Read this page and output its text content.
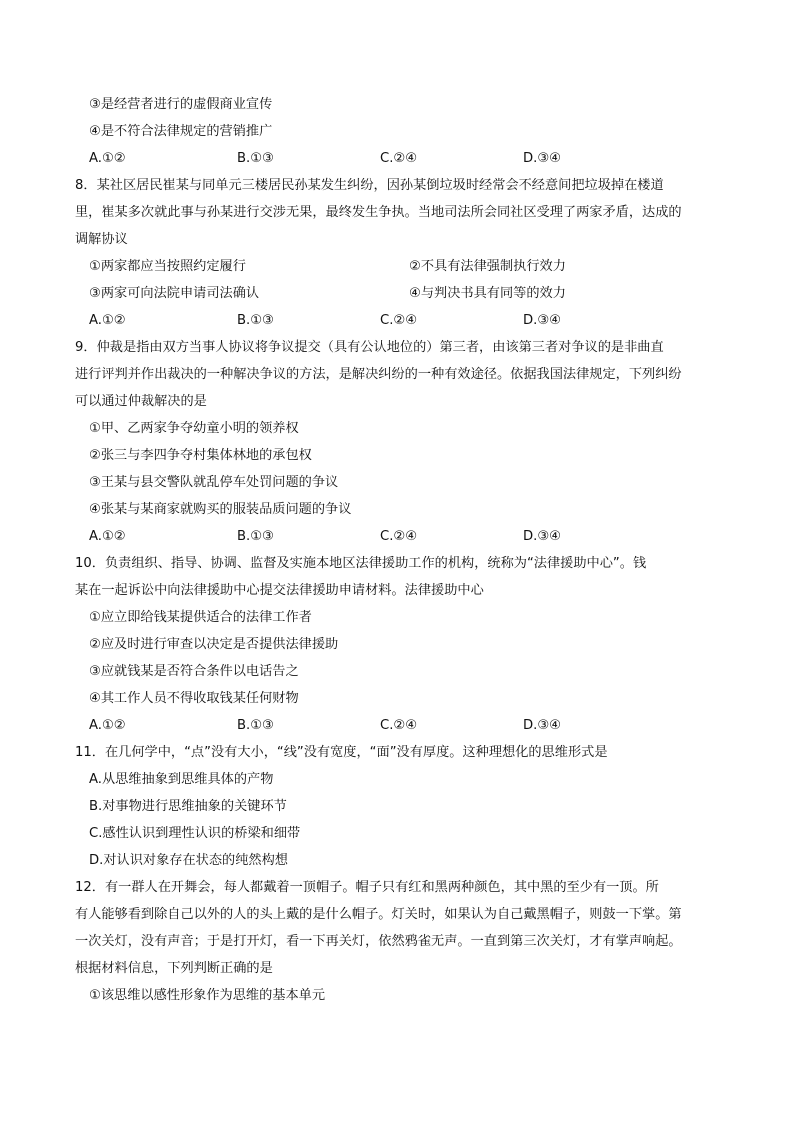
③是经营者进行的虚假商业宣传
④是不符合法律规定的营销推广
A.①②	B.①③	C.②④	D.③④
8．某社区居民崔某与同单元三楼居民孙某发生纠纷，因孙某倒垃圾时经常会不经意间把垃圾掉在楼道
里，崔某多次就此事与孙某进行交涉无果，最终发生争执。当地司法所会同社区受理了两家矛盾，达成的
调解协议
①两家都应当按照约定履行	②不具有法律强制执行效力
③两家可向法院申请司法确认	④与判决书具有同等的效力
A.①②	B.①③	C.②④	D.③④
9．仲裁是指由双方当事人协议将争议提交（具有公认地位的）第三者，由该第三者对争议的是非曲直
进行评判并作出裁决的一种解决争议的方法，是解决纠纷的一种有效途径。依据我国法律规定，下列纠纷
可以通过仲裁解决的是
①甲、乙两家争夺幼童小明的领养权
②张三与李四争夺村集体林地的承包权
③王某与县交警队就乱停车处罚问题的争议
④张某与某商家就购买的服装品质问题的争议
A.①②	B.①③	C.②④	D.③④
10．负责组织、指导、协调、监督及实施本地区法律援助工作的机构，统称为“法律援助中心”。钱
某在一起诉讼中向法律援助中心提交法律援助申请材料。法律援助中心
①应立即给钱某提供适合的法律工作者
②应及时进行审查以决定是否提供法律援助
③应就钱某是否符合条件以电话告之
④其工作人员不得收取钱某任何财物
A.①②	B.①③	C.②④	D.③④
11．在几何学中，“点”没有大小，“线”没有宽度，“面”没有厚度。这种理想化的思维形式是
A.从思维抽象到思维具体的产物
B.对事物进行思维抽象的关键环节
C.感性认识到理性认识的桥梁和细带
D.对认识对象存在状态的纯然构想
12．有一群人在开舞会，每人都戴着一顶帽子。帽子只有红和黑两种颜色，其中黑的至少有一顶。所
有人能够看到除自己以外的人的头上戴的是什么帽子。灯关时，如果认为自己戴黑帽子，则鼓一下掌。第
一次关灯，没有声音；于是打开灯，看一下再关灯，依然鸦雀无声。一直到第三次关灯，才有掌声响起。
根据材料信息，下列判断正确的是
①该思维以感性形象作为思维的基本单元
